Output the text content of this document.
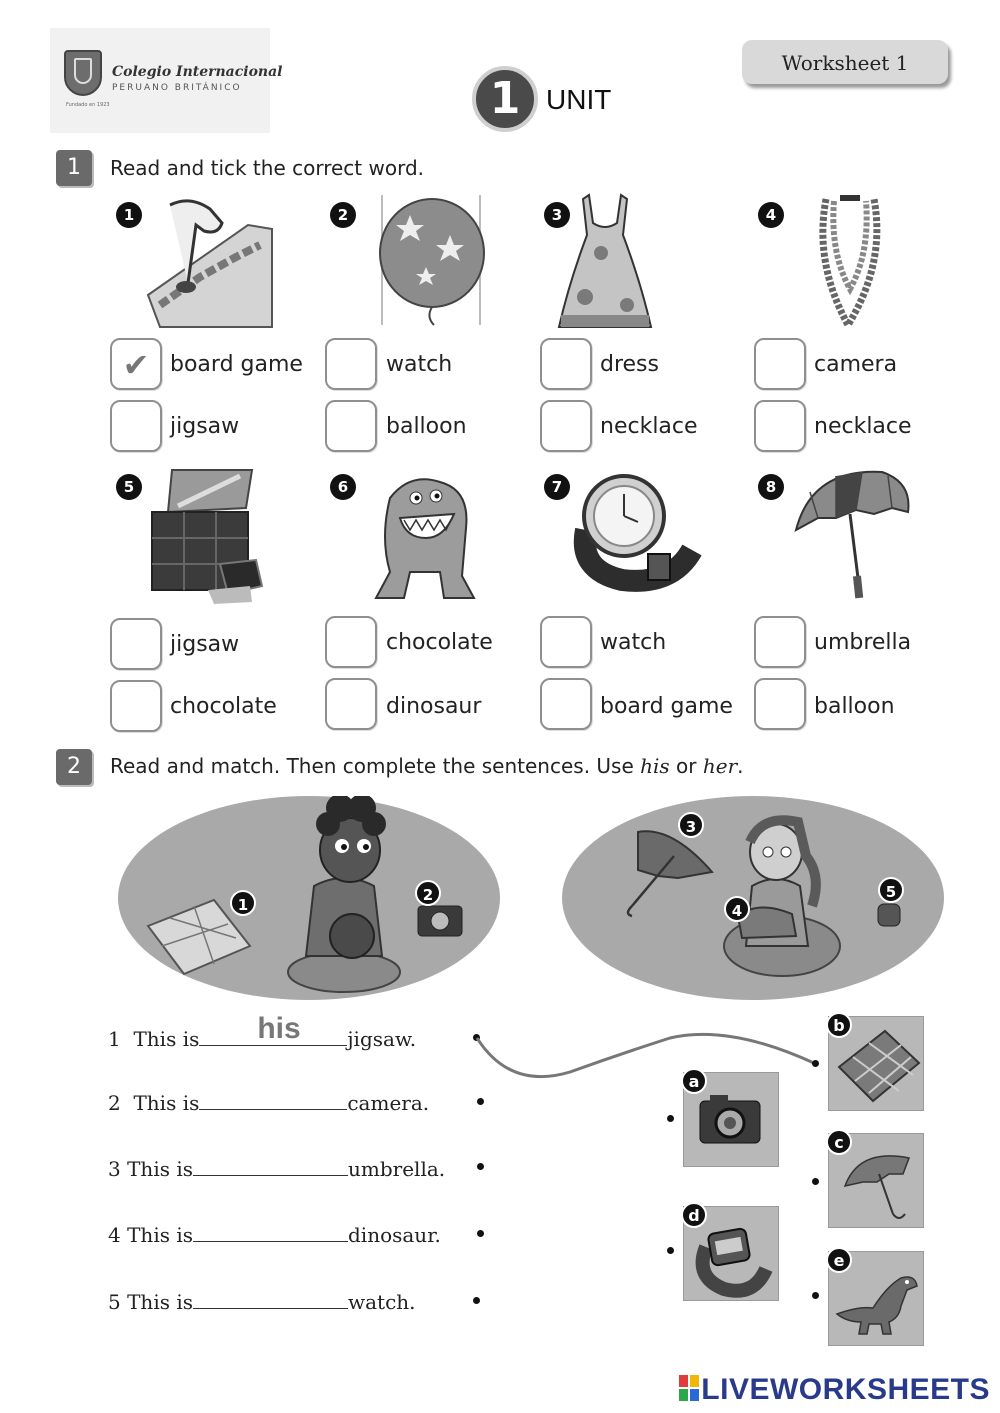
Colegio Internacional
PERUANO BRITÁNICO
Fundado en 1923	1 UNIT
Worksheet 1
1	Read and tick the correct word.
1
✔ board game
jigsaw
2
watch
balloon
3
dress
necklace
4
camera
necklace
5
jigsaw
chocolate
6
chocolate
dinosaur
7
watch
board game
8
umbrella
balloon
2	Read and match. Then complete the sentences. Use his or her.
1
2
3
4
5
1 This is his jigsaw.
2 This is	camera.
3 This is	umbrella.
4 This is	dinosaur.
5 This is	watch.
a
b
c
d
e
LIVEWORKSHEETS
